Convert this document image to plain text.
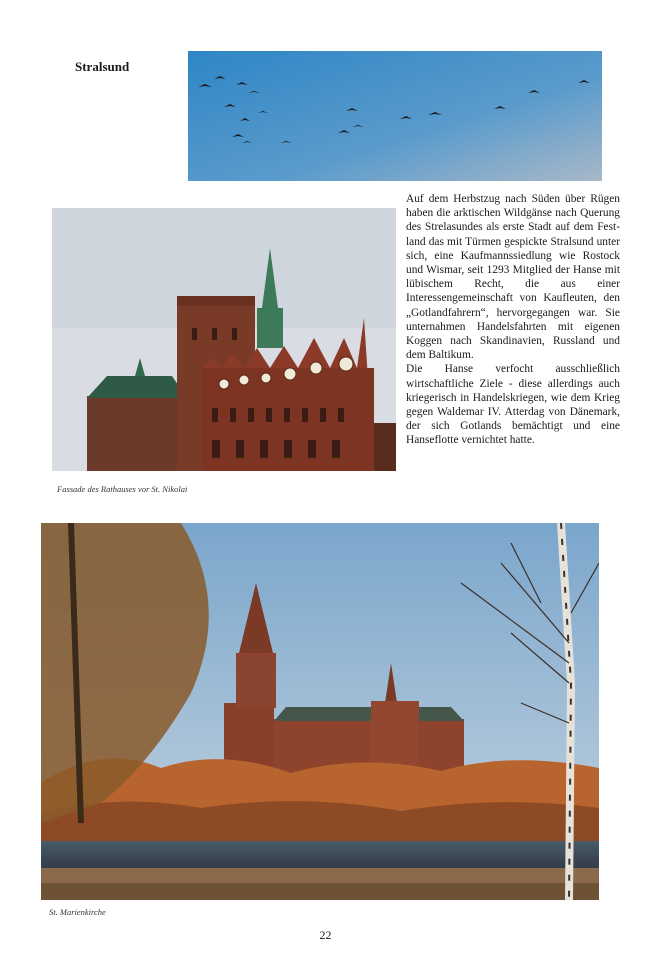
Stralsund
Fassade des Rathauses vor St. Nikolai

Auf dem Herbstzug nach Süden über Rügen haben die arktischen Wildgänse nach Querung des Strelasundes als erste Stadt auf dem Festland das mit Türmen gespickte Stralsund unter sich, eine Kaufmannssiedlung wie Rostock und Wismar, seit 1293 Mitglied der Hanse mit lübischem Recht, die aus einer Interessengemeinschaft von Kaufleuten, den „Gotlandfahrern“, hervorgegangen war. Sie unternahmen Handelsfahrten mit eigenen Koggen nach Skandinavien, Russland und dem Baltikum.

Die Hanse verfocht ausschließlich wirtschaftliche Ziele - diese allerdings auch kriegerisch in Handelskriegen, wie dem Krieg gegen Waldemar IV. Atterdag von Dänemark, der sich Gotlands bemächtigt und eine Hanseflotte vernichtet hatte.

St. Marienkirche
22
